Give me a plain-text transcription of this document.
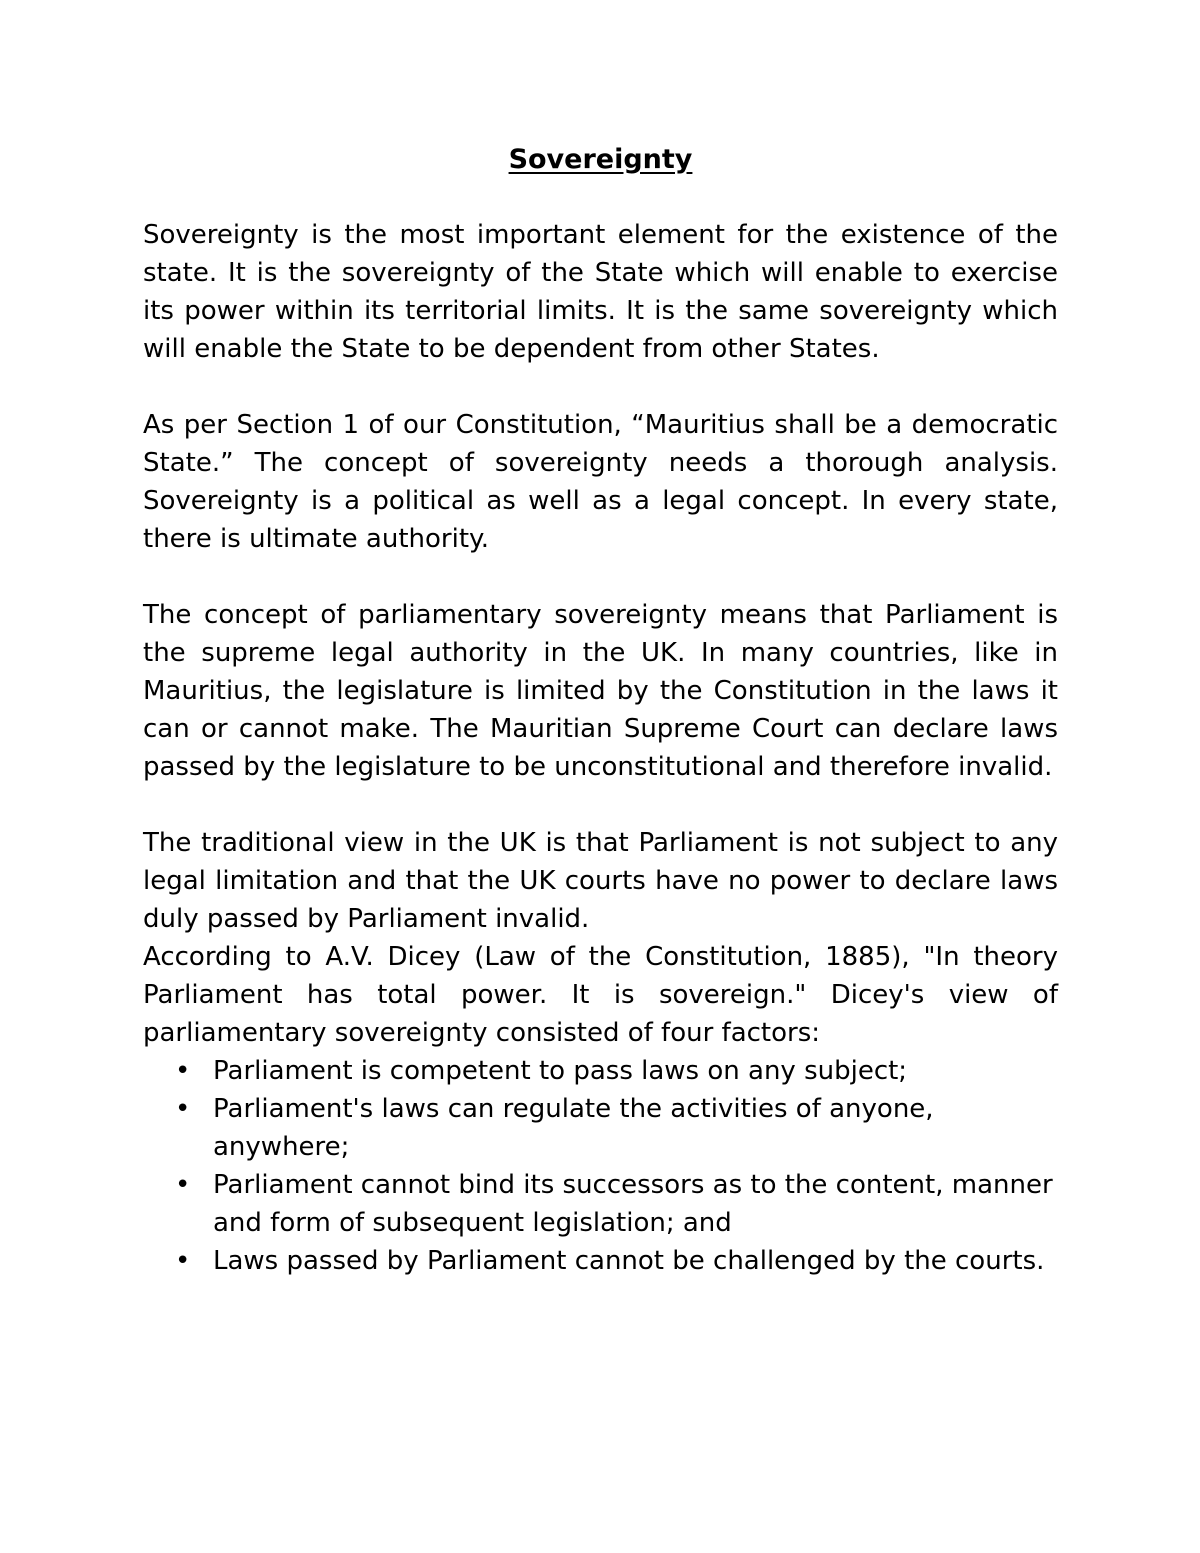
Sovereignty

Sovereignty is the most important element for the existence of the state. It is the sovereignty of the State which will enable to exercise its power within its territorial limits. It is the same sovereignty which will enable the State to be dependent from other States.

As per Section 1 of our Constitution, “Mauritius shall be a democratic State.” The concept of sovereignty needs a thorough analysis. Sovereignty is a political as well as a legal concept. In every state, there is ultimate authority.

The concept of parliamentary sovereignty means that Parliament is the supreme legal authority in the UK. In many countries, like in Mauritius, the legislature is limited by the Constitution in the laws it can or cannot make. The Mauritian Supreme Court can declare laws passed by the legislature to be unconstitutional and therefore invalid.

The traditional view in the UK is that Parliament is not subject to any legal limitation and that the UK courts have no power to declare laws duly passed by Parliament invalid.

According to A.V. Dicey (Law of the Constitution, 1885), "In theory Parliament has total power. It is sovereign." Dicey's view of parliamentary sovereignty consisted of four factors:

• Parliament is competent to pass laws on any subject;
• Parliament's laws can regulate the activities of anyone, anywhere;
• Parliament cannot bind its successors as to the content, manner and form of subsequent legislation; and
• Laws passed by Parliament cannot be challenged by the courts.
